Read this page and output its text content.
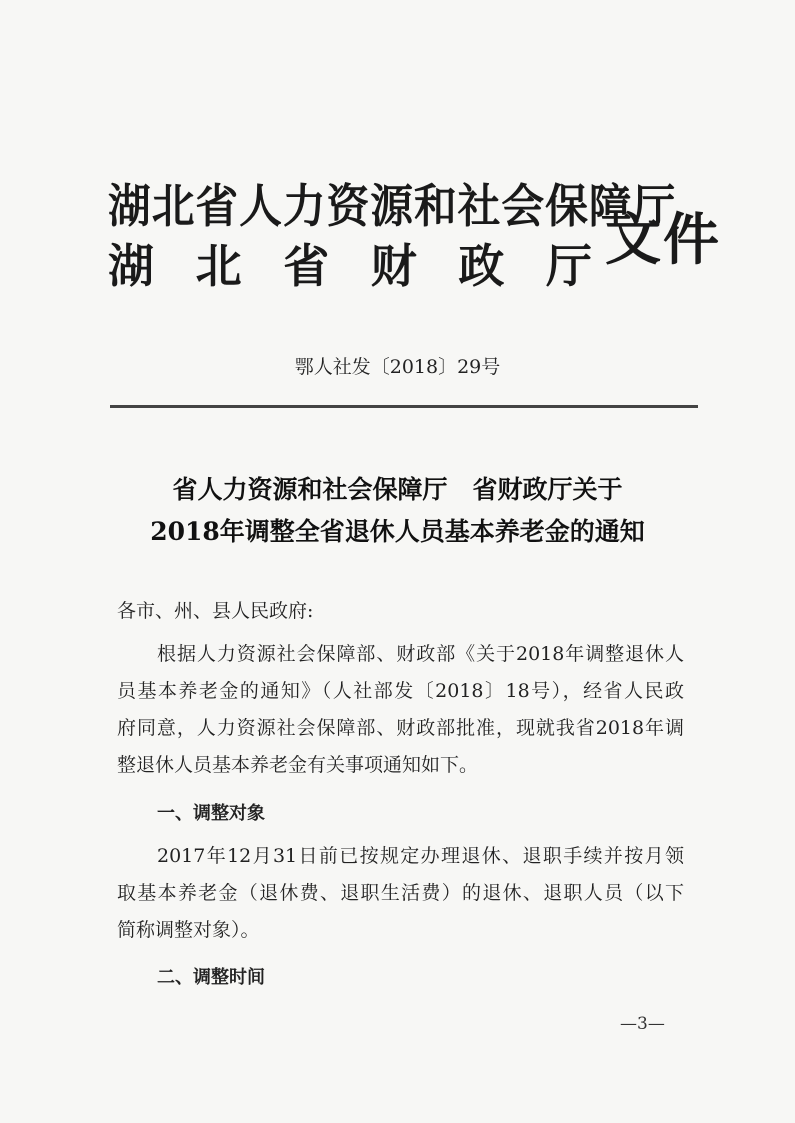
湖北省人力资源和社会保障厅
湖 北 省 财 政 厅 文件
鄂人社发〔2018〕29号
省人力资源和社会保障厅　省财政厅关于
2018年调整全省退休人员基本养老金的通知
各市、州、县人民政府:
根据人力资源社会保障部、财政部《关于2018年调整退休人
员基本养老金的通知》（人社部发〔2018〕18号），经省人民政
府同意，人力资源社会保障部、财政部批准，现就我省2018年调
整退休人员基本养老金有关事项通知如下。
一、调整对象
2017年12月31日前已按规定办理退休、退职手续并按月领
取基本养老金（退休费、退职生活费）的退休、退职人员（以下
简称调整对象）。
二、调整时间
—3—
